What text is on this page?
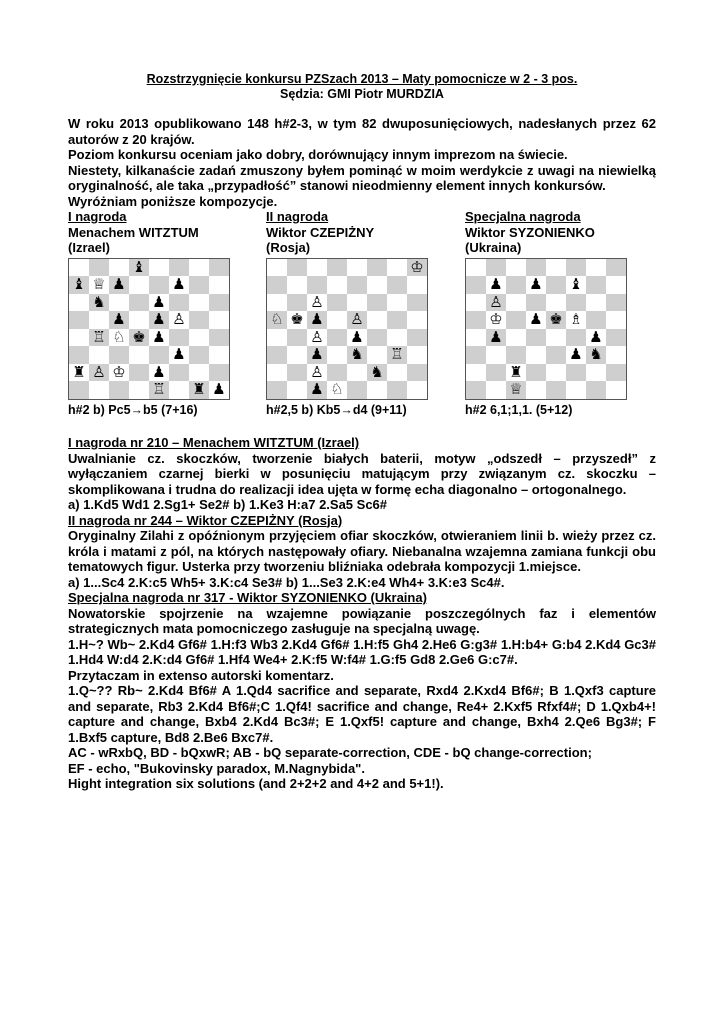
Rozstrzygnięcie konkursu PZSzach 2013 – Maty pomocnicze w 2 - 3 pos.
Sędzia: GMI Piotr MURDZIA
W roku 2013 opublikowano 148 h#2-3, w tym 82 dwuposunięciowych, nadesłanych przez 62 autorów z 20 krajów.
Poziom konkursu oceniam jako dobry, dorównujący innym imprezom na świecie.
Niestety, kilkanaście zadań zmuszony byłem pominąć w moim werdykcie z uwagi na niewielką oryginalność, ale taka „przypadłość” stanowi nieodmienny element innych konkursów.
Wyróżniam poniższe kompozycje.
I nagroda
Menachem WITZTUM
(Izrael)
♝
♝ ♕ ♟	♟
♞	♟
♟ ♟ ♙
♖ ♘ ♚ ♟
♟
♜ ♙ ♔ ♟
♖ ♜ ♟
h#2 b) Pc5→b5 (7+16)
II nagroda
Wiktor CZEPIŻNY
(Rosja)
♔
♙
♘ ♚ ♟ ♙
♙ ♟
♟ ♞ ♖
♙	♞
♟ ♘
h#2,5 b) Kb5→d4 (9+11)
Specjalna nagroda
Wiktor SYZONIENKO
(Ukraina)
♟ ♟ ♝
♙
♔ ♟ ♚ ♗
♟	♟
♟ ♞
♜
♕
h#2 6,1;1,1. (5+12)
I nagroda nr 210 – Menachem WITZTUM (Izrael)
Uwalnianie cz. skoczków, tworzenie białych baterii, motyw „odszedł – przyszedł” z wyłączaniem czarnej bierki w posunięciu matującym przy związanym cz. skoczku – skomplikowana i trudna do realizacji idea ujęta w formę echa diagonalno – ortogonalnego.
a) 1.Kd5 Wd1 2.Sg1+ Se2# b) 1.Ke3 H:a7 2.Sa5 Sc6#
II nagroda nr 244 – Wiktor CZEPIŻNY (Rosja)
Oryginalny Zilahi z opóźnionym przyjęciem ofiar skoczków, otwieraniem linii b. wieży przez cz. króla i matami z pól, na których następowały ofiary. Niebanalna wzajemna zamiana funkcji obu tematowych figur. Usterka przy tworzeniu bliźniaka odebrała kompozycji 1.miejsce.
a) 1...Sc4 2.K:c5 Wh5+ 3.K:c4 Se3# b) 1...Se3 2.K:e4 Wh4+ 3.K:e3 Sc4#.
Specjalna nagroda nr 317 - Wiktor SYZONIENKO (Ukraina)
Nowatorskie spojrzenie na wzajemne powiązanie poszczególnych faz i elementów strategicznych mata pomocniczego zasługuje na specjalną uwagę.
1.H~? Wb~ 2.Kd4 Gf6# 1.H:f3 Wb3 2.Kd4 Gf6# 1.H:f5 Gh4 2.He6 G:g3# 1.H:b4+ G:b4 2.Kd4 Gc3# 1.Hd4 W:d4 2.K:d4 Gf6# 1.Hf4 We4+ 2.K:f5 W:f4# 1.G:f5 Gd8 2.Ge6 G:c7#.
Przytaczam in extenso autorski komentarz.
1.Q~?? Rb~ 2.Kd4 Bf6# A 1.Qd4 sacrifice and separate, Rxd4 2.Kxd4 Bf6#; B 1.Qxf3 capture and separate, Rb3 2.Kd4 Bf6#;C 1.Qf4! sacrifice and change, Re4+ 2.Kxf5 Rfxf4#; D 1.Qxb4+! capture and change, Bxb4 2.Kd4 Bc3#; E 1.Qxf5! capture and change, Bxh4 2.Qe6 Bg3#; F 1.Bxf5 capture, Bd8 2.Be6 Bxc7#.
AC - wRxbQ, BD - bQxwR; AB - bQ separate-correction, CDE - bQ change-correction;
EF - echo, "Bukovinsky paradox, M.Nagnybida".
Hight integration six solutions (and 2+2+2 and 4+2 and 5+1!).
